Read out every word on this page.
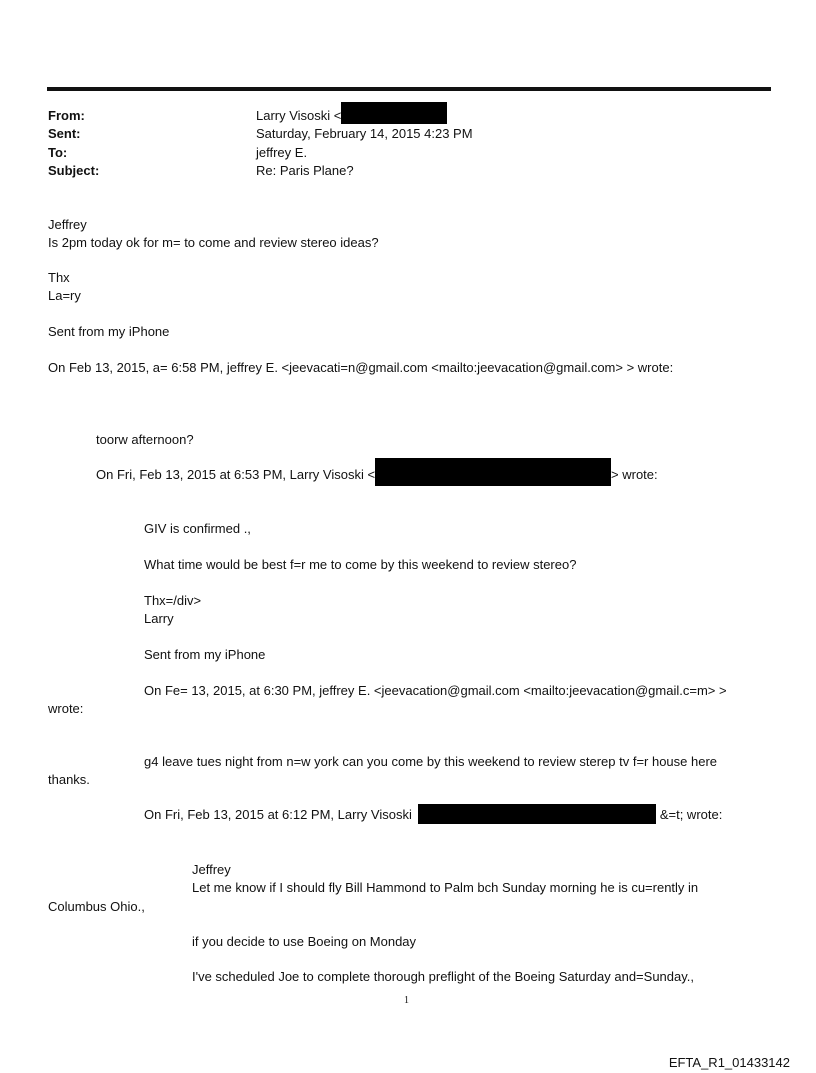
From:	Larry Visoski <
Sent:	Saturday, February 14, 2015 4:23 PM
To:	jeffrey E.
Subject:	Re: Paris Plane?
Jeffrey
Is 2pm today ok for m= to come and review stereo ideas?
Thx
La=ry
Sent from my iPhone
On Feb 13, 2015, a= 6:58 PM, jeffrey E. <jeevacati=n@gmail.com <mailto:jeevacation@gmail.com> > wrote:
toorw afternoon?
On Fri, Feb 13, 2015 at 6:53 PM, Larry Visoski <	> wrote:
GIV is confirmed .,
What time would be best f=r me to come by this weekend to review stereo?
Thx=/div>
Larry
Sent from my iPhone
On Fe= 13, 2015, at 6:30 PM, jeffrey E. <jeevacation@gmail.com <mailto:jeevacation@gmail.c=m> >
wrote:
g4 leave tues night from n=w york can you come by this weekend to review sterep tv f=r house here
thanks.
On Fri, Feb 13, 2015 at 6:12 PM, Larry Visoski	&=t; wrote:
Jeffrey
Let me know if I should fly Bill Hammond to Palm bch Sunday morning he is cu=rently in
Columbus Ohio.,
if you decide to use Boeing on Monday
I've scheduled Joe to complete thorough preflight of the Boeing Saturday and=Sunday.,
1
EFTA_R1_01433142
